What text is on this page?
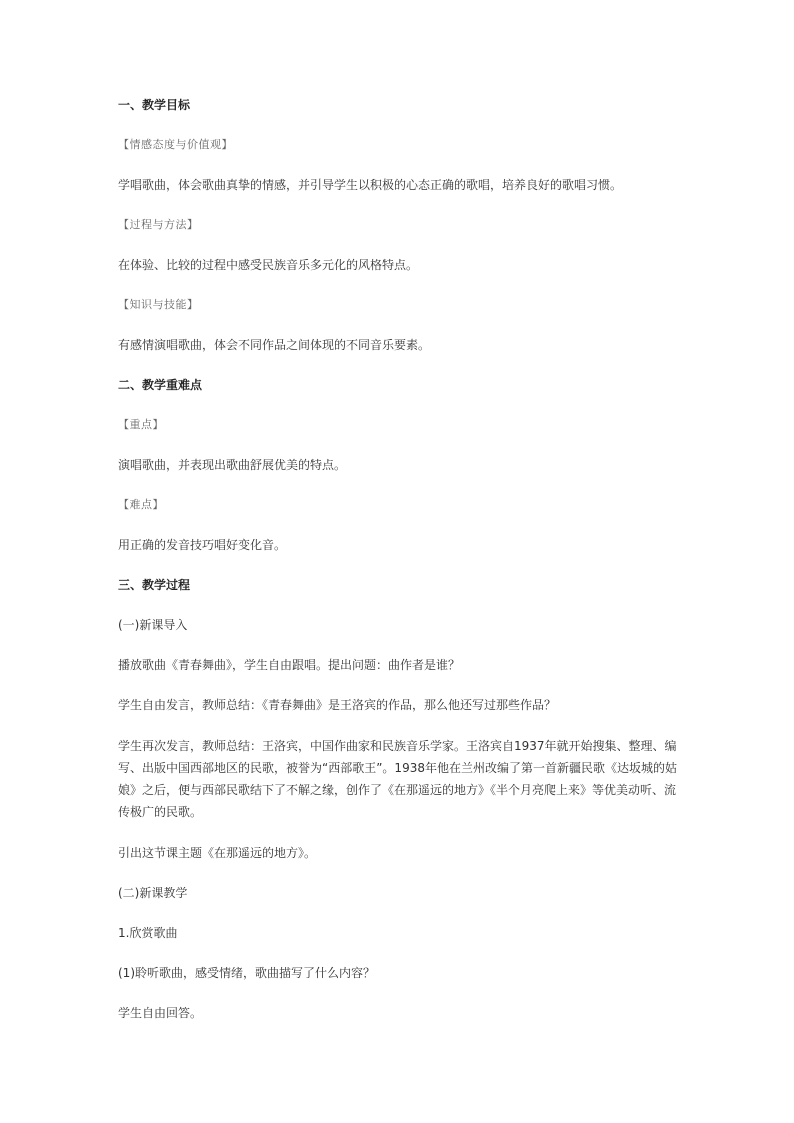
一、教学目标
【情感态度与价值观】
学唱歌曲，体会歌曲真挚的情感，并引导学生以积极的心态正确的歌唱，培养良好的歌唱习惯。
【过程与方法】
在体验、比较的过程中感受民族音乐多元化的风格特点。
【知识与技能】
有感情演唱歌曲，体会不同作品之间体现的不同音乐要素。
二、教学重难点
【重点】
演唱歌曲，并表现出歌曲舒展优美的特点。
【难点】
用正确的发音技巧唱好变化音。
三、教学过程
(一)新课导入
播放歌曲《青春舞曲》，学生自由跟唱。提出问题：曲作者是谁？
学生自由发言，教师总结：《青春舞曲》是王洛宾的作品，那么他还写过那些作品？
学生再次发言，教师总结：王洛宾，中国作曲家和民族音乐学家。王洛宾自1937年就开始搜集、整理、编写、出版中国西部地区的民歌，被誉为“西部歌王”。1938年他在兰州改编了第一首新疆民歌《达坂城的姑娘》之后，便与西部民歌结下了不解之缘，创作了《在那遥远的地方》《半个月亮爬上来》等优美动听、流传极广的民歌。
引出这节课主题《在那遥远的地方》。
(二)新课教学
1.欣赏歌曲
(1)聆听歌曲，感受情绪，歌曲描写了什么内容？
学生自由回答。
